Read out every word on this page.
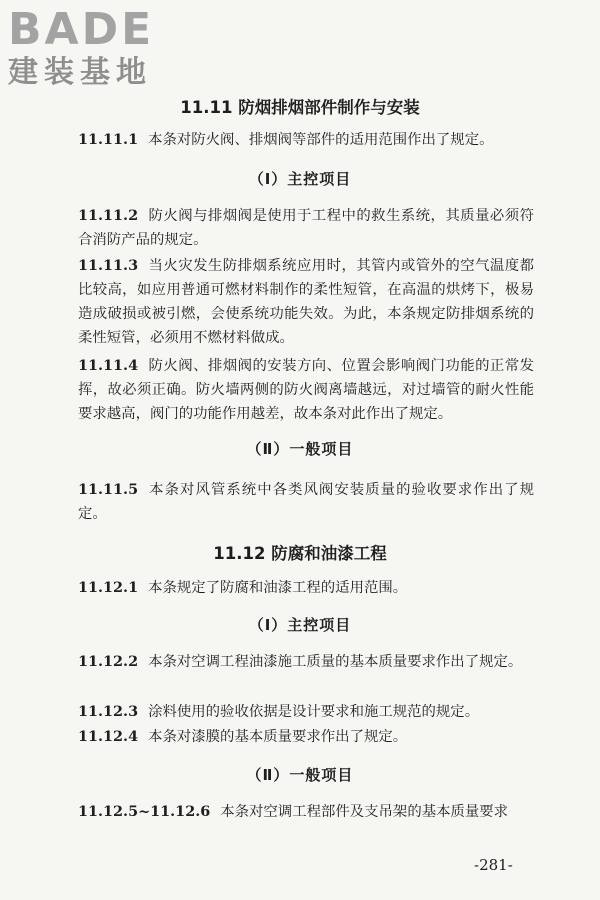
BADE
建装基地
11.11 防烟排烟部件制作与安装

11.11.1 本条对防火阀、排烟阀等部件的适用范围作出了规定。

（Ⅰ）主控项目

11.11.2 防火阀与排烟阀是使用于工程中的救生系统，其质量必须符合消防产品的规定。

11.11.3 当火灾发生防排烟系统应用时，其管内或管外的空气温度都比较高，如应用普通可燃材料制作的柔性短管，在高温的烘烤下，极易造成破损或被引燃，会使系统功能失效。为此，本条规定防排烟系统的柔性短管，必须用不燃材料做成。

11.11.4 防火阀、排烟阀的安装方向、位置会影响阀门功能的正常发挥，故必须正确。防火墙两侧的防火阀离墙越远，对过墙管的耐火性能要求越高，阀门的功能作用越差，故本条对此作出了规定。

（Ⅱ）一般项目

11.11.5 本条对风管系统中各类风阀安装质量的验收要求作出了规定。

11.12 防腐和油漆工程

11.12.1 本条规定了防腐和油漆工程的适用范围。

（Ⅰ）主控项目

11.12.2 本条对空调工程油漆施工质量的基本质量要求作出了规定。

11.12.3 涂料使用的验收依据是设计要求和施工规范的规定。

11.12.4 本条对漆膜的基本质量要求作出了规定。

（Ⅱ）一般项目

11.12.5~11.12.6 本条对空调工程部件及支吊架的基本质量要求

-281-
